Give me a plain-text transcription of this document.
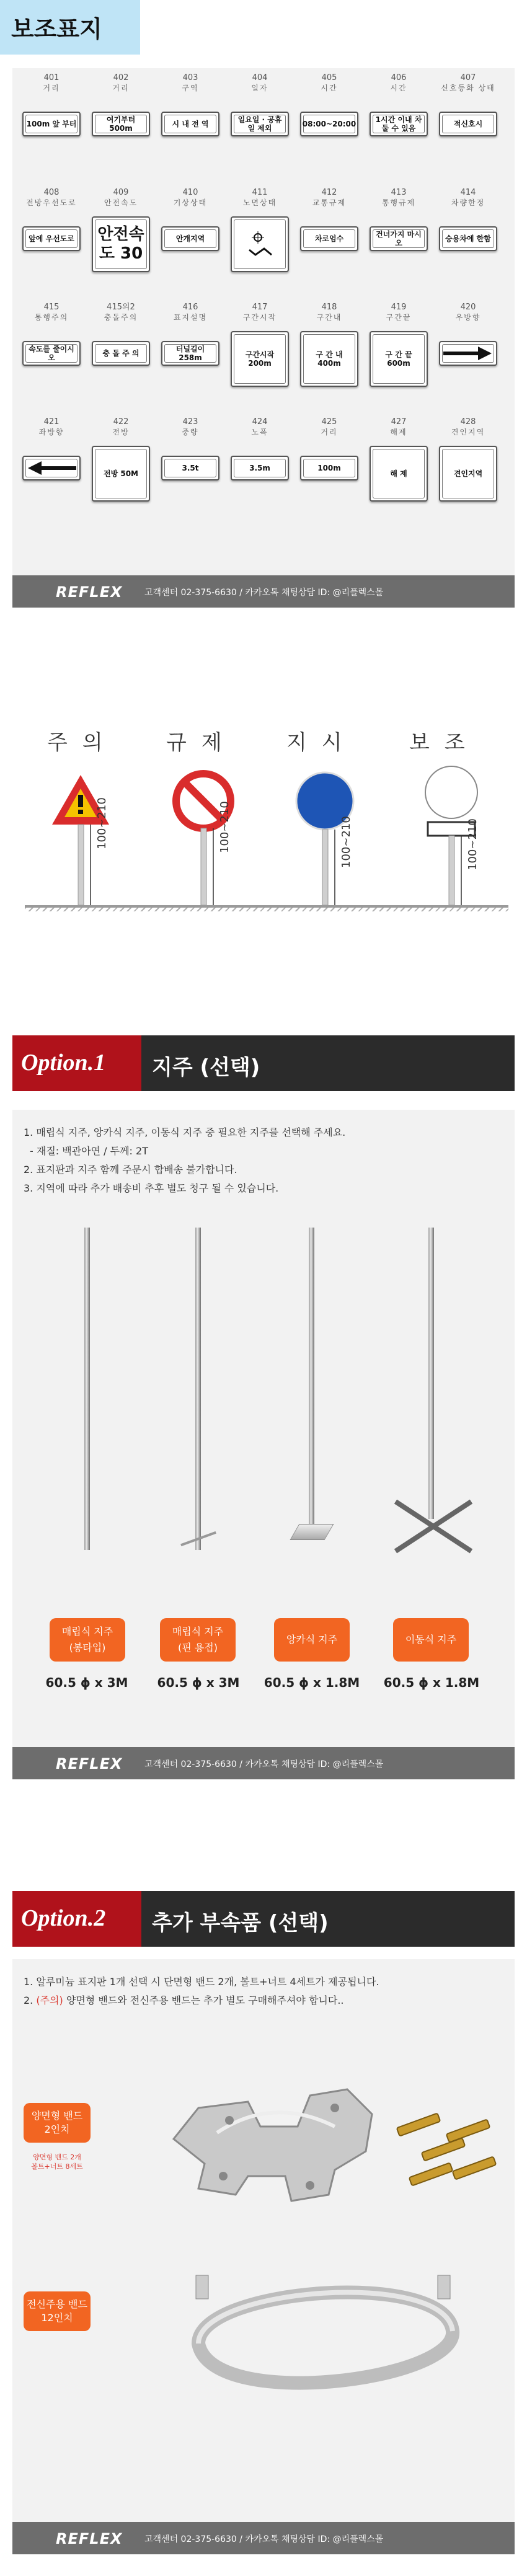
보조표지
401
거리
100m 앞 부터
402
거리
여기부터 500m
403
구역
시 내 전 역
404
일자
일요일 · 공휴일 제외
405
시간
08:00~20:00
406
시간
1시간 이내 차둘 수 있음
407
신호등화 상태
적신호시
408
전방우선도로
앞에 우선도로
409
안전속도
안전속도 30
410
기상상태
안개지역
411
노면상태
412
교통규제
차로엄수
413
통행규제
건너가지 마시오
414
차량한정
승용차에 한함
415
통행주의
속도를 줄이시오
415의2
충돌주의
충 돌 주 의
416
표지설명
터널길이 258m
417
구간시작
구간시작 200m
418
구간내
구 간 내 400m
419
구간끝
구 간 끝 600m
420
우방향
421
좌방향
422
전방
전방 50M
423
중량
3.5t
424
노폭
3.5m
425
거리
100m
427
해제
해 제
428
견인지역
견인지역
REFLEX	고객센터 02-375-6630 / 카카오톡 채팅상담 ID: @리플렉스몰
주의 규제 지시 보조
100~210	100~210	100~210	100~210
Option.1 지주 (선택)
1. 매립식 지주, 앙카식 지주, 이동식 지주 중 필요한 지주를 선택해 주세요.
- 재질: 백관아연 / 두께: 2T
2. 표지판과 지주 함께 주문시 합배송 불가합니다.
3. 지역에 따라 추가 배송비 추후 별도 청구 될 수 있습니다.
매립식 지주
(봉타입)
매립식 지주
(핀 용접)
앙카식 지주	이동식 지주
60.5 ϕ x 3M	60.5 ϕ x 3M	60.5 ϕ x 1.8M 60.5 ϕ x 1.8M
REFLEX	고객센터 02-375-6630 / 카카오톡 채팅상담 ID: @리플렉스몰
Option.2 추가 부속품 (선택)
1. 알루미늄 표지판 1개 선택 시 단면형 밴드 2개, 볼트+너트 4세트가 제공됩니다.
2. (주의) 양면형 밴드와 전신주용 밴드는 추가 별도 구매해주셔야 합니다..
양면형 밴드
2인치
양면형 밴드 2개
볼트+너트 8세트
전신주용 밴드
12인치
REFLEX	고객센터 02-375-6630 / 카카오톡 채팅상담 ID: @리플렉스몰
